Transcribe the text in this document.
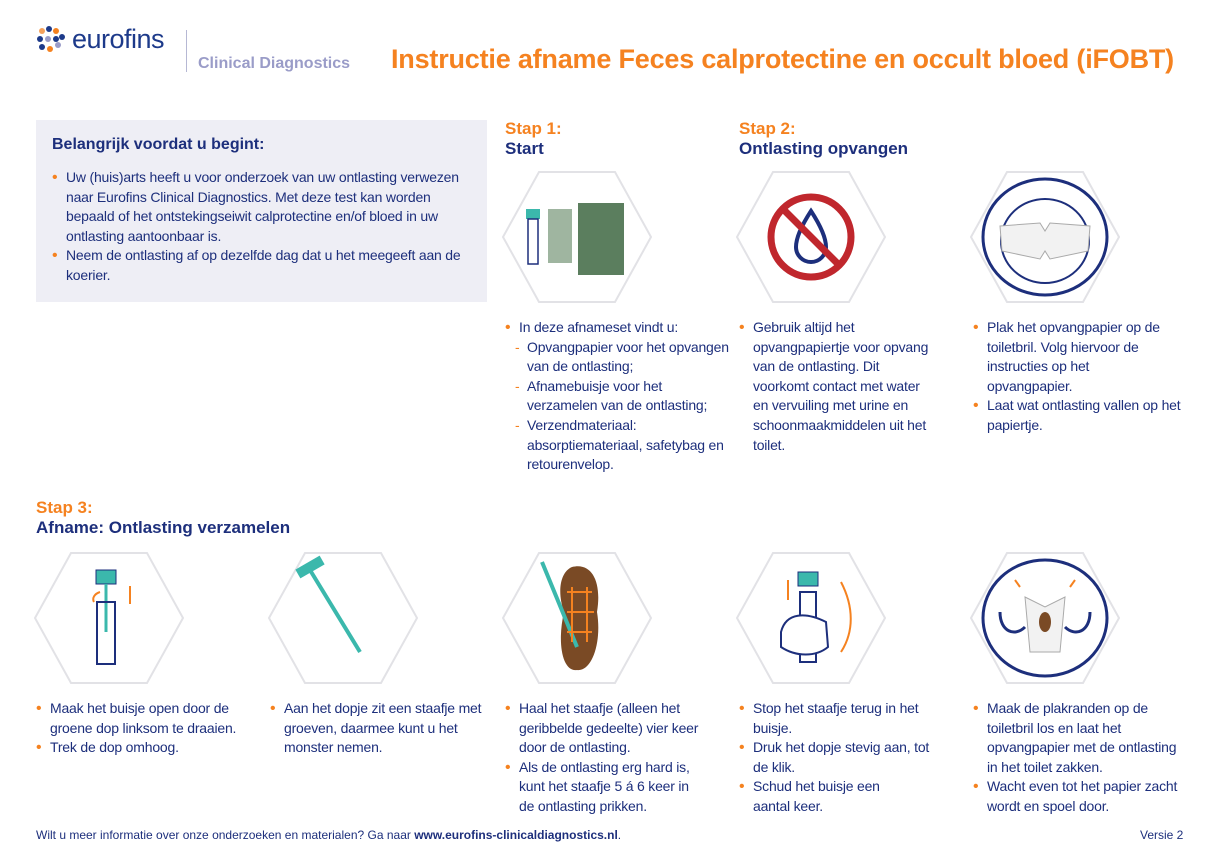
eurofins
Clinical Diagnostics Instructie afname Feces calprotectine en occult bloed (iFOBT)
Belangrijk voordat u begint:
• Uw (huis)arts heeft u voor onderzoek van uw ontlasting verwezen naar Eurofins Clinical Diagnostics. Met deze test kan worden bepaald of het ontstekingseiwit calprotectine en/of bloed in uw ontlasting aantoonbaar is.
• Neem de ontlasting af op dezelfde dag dat u het meegeeft aan de koerier.
Stap 1:
Start
• In deze afnameset vindt u:
- Opvangpapier voor het opvangen van de ontlasting;
- Afnamebuisje voor het verzamelen van de ontlasting;
- Verzendmateriaal: absorptiemateriaal, safetybag en retourenvelop.
Stap 2:
Ontlasting opvangen
• Gebruik altijd het opvangpapiertje voor opvang van de ontlasting. Dit voorkomt contact met water en vervuiling met urine en schoonmaakmiddelen uit het toilet.
• Plak het opvangpapier op de toiletbril. Volg hiervoor de instructies op het opvangpapier.
• Laat wat ontlasting vallen op het papiertje.
Stap 3:
Afname: Ontlasting verzamelen
• Maak het buisje open door de groene dop linksom te draaien.
• Trek de dop omhoog.
• Aan het dopje zit een staafje met groeven, daarmee kunt u het monster nemen.
• Haal het staafje (alleen het geribbelde gedeelte) vier keer door de ontlasting.
• Als de ontlasting erg hard is, kunt het staafje 5 á 6 keer in de ontlasting prikken.
• Stop het staafje terug in het buisje.
• Druk het dopje stevig aan, tot de klik.
• Schud het buisje een aantal keer.
• Maak de plakranden op de toiletbril los en laat het opvangpapier met de ontlasting in het toilet zakken.
• Wacht even tot het papier zacht wordt en spoel door.
Wilt u meer informatie over onze onderzoeken en materialen? Ga naar www.eurofins-clinicaldiagnostics.nl.	Versie 2
